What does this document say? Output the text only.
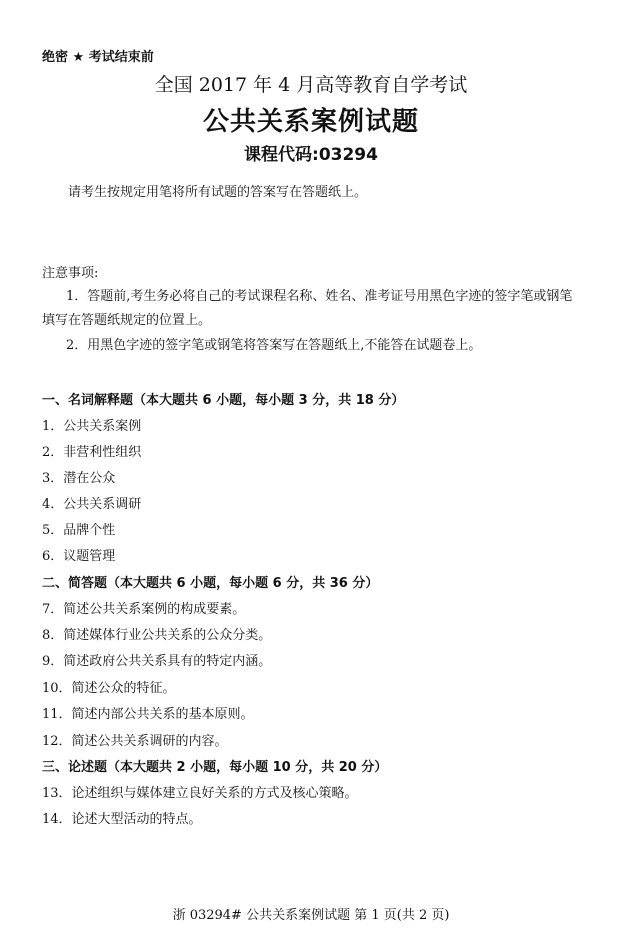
绝密 ★ 考试结束前
全国 2017 年 4 月高等教育自学考试
公共关系案例试题
课程代码:03294
请考生按规定用笔将所有试题的答案写在答题纸上。
注意事项:
1．答题前,考生务必将自己的考试课程名称、姓名、准考证号用黑色字迹的签字笔或钢笔
填写在答题纸规定的位置上。
2．用黑色字迹的签字笔或钢笔将答案写在答题纸上,不能答在试题卷上。
一、名词解释题（本大题共 6 小题，每小题 3 分，共 18 分）
1．公共关系案例
2．非营利性组织
3．潜在公众
4．公共关系调研
5．品牌个性
6．议题管理
二、简答题（本大题共 6 小题，每小题 6 分，共 36 分）
7．简述公共关系案例的构成要素。
8．简述媒体行业公共关系的公众分类。
9．简述政府公共关系具有的特定内涵。
10．简述公众的特征。
11．简述内部公共关系的基本原则。
12．简述公共关系调研的内容。
三、论述题（本大题共 2 小题，每小题 10 分，共 20 分）
13．论述组织与媒体建立良好关系的方式及核心策略。
14．论述大型活动的特点。
浙 03294# 公共关系案例试题 第 1 页(共 2 页)
